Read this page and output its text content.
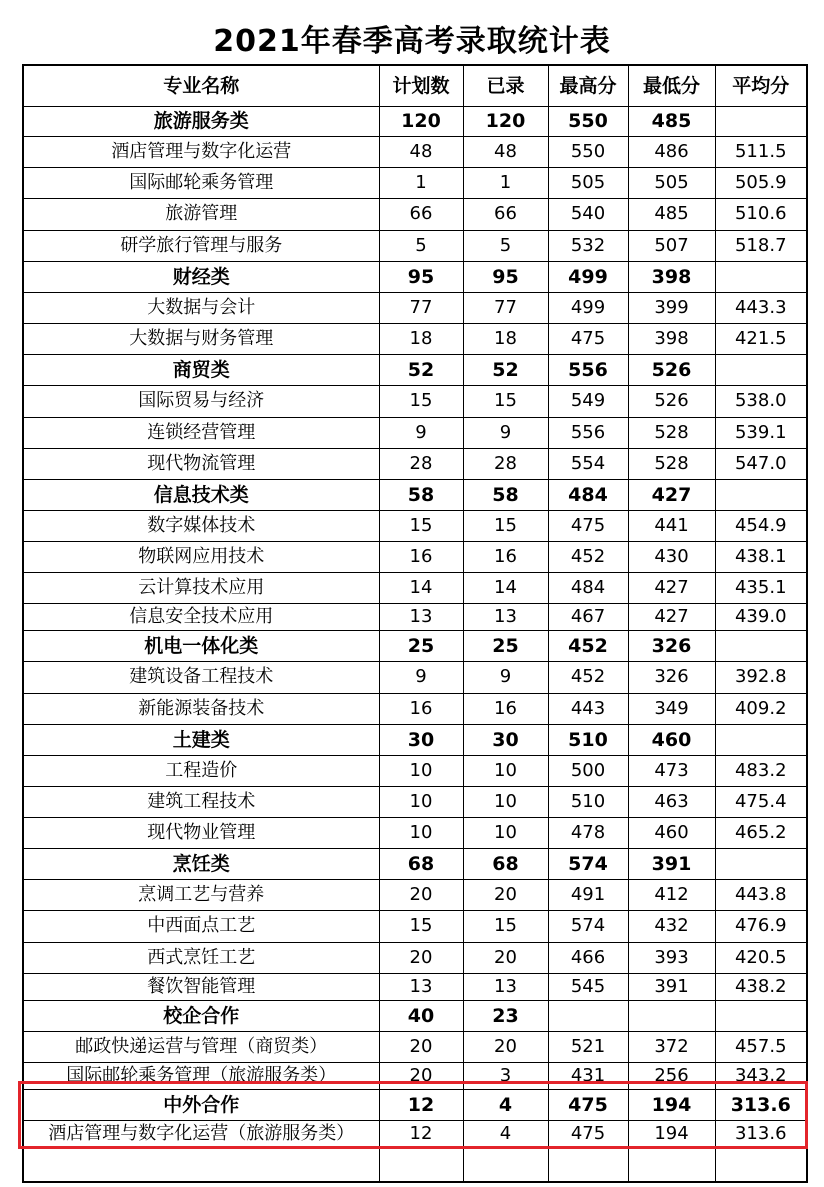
2021年春季高考录取统计表
专业名称	计划数	已录	最高分	最低分	平均分
旅游服务类	120	120	550	485	
酒店管理与数字化运营	48	48	550	486	511.5
国际邮轮乘务管理	1	1	505	505	505.9
旅游管理	66	66	540	485	510.6
研学旅行管理与服务	5	5	532	507	518.7
财经类	95	95	499	398	
大数据与会计	77	77	499	399	443.3
大数据与财务管理	18	18	475	398	421.5
商贸类	52	52	556	526	
国际贸易与经济	15	15	549	526	538.0
连锁经营管理	9	9	556	528	539.1
现代物流管理	28	28	554	528	547.0
信息技术类	58	58	484	427	
数字媒体技术	15	15	475	441	454.9
物联网应用技术	16	16	452	430	438.1
云计算技术应用	14	14	484	427	435.1
信息安全技术应用	13	13	467	427	439.0
机电一体化类	25	25	452	326	
建筑设备工程技术	9	9	452	326	392.8
新能源装备技术	16	16	443	349	409.2
土建类	30	30	510	460	
工程造价	10	10	500	473	483.2
建筑工程技术	10	10	510	463	475.4
现代物业管理	10	10	478	460	465.2
烹饪类	68	68	574	391	
烹调工艺与营养	20	20	491	412	443.8
中西面点工艺	15	15	574	432	476.9
西式烹饪工艺	20	20	466	393	420.5
餐饮智能管理	13	13	545	391	438.2
校企合作	40	23			
邮政快递运营与管理（商贸类）	20	20	521	372	457.5
国际邮轮乘务管理（旅游服务类）	20	3	431	256	343.2
中外合作	12	4	475	194	313.6
酒店管理与数字化运营（旅游服务类）	12	4	475	194	313.6
